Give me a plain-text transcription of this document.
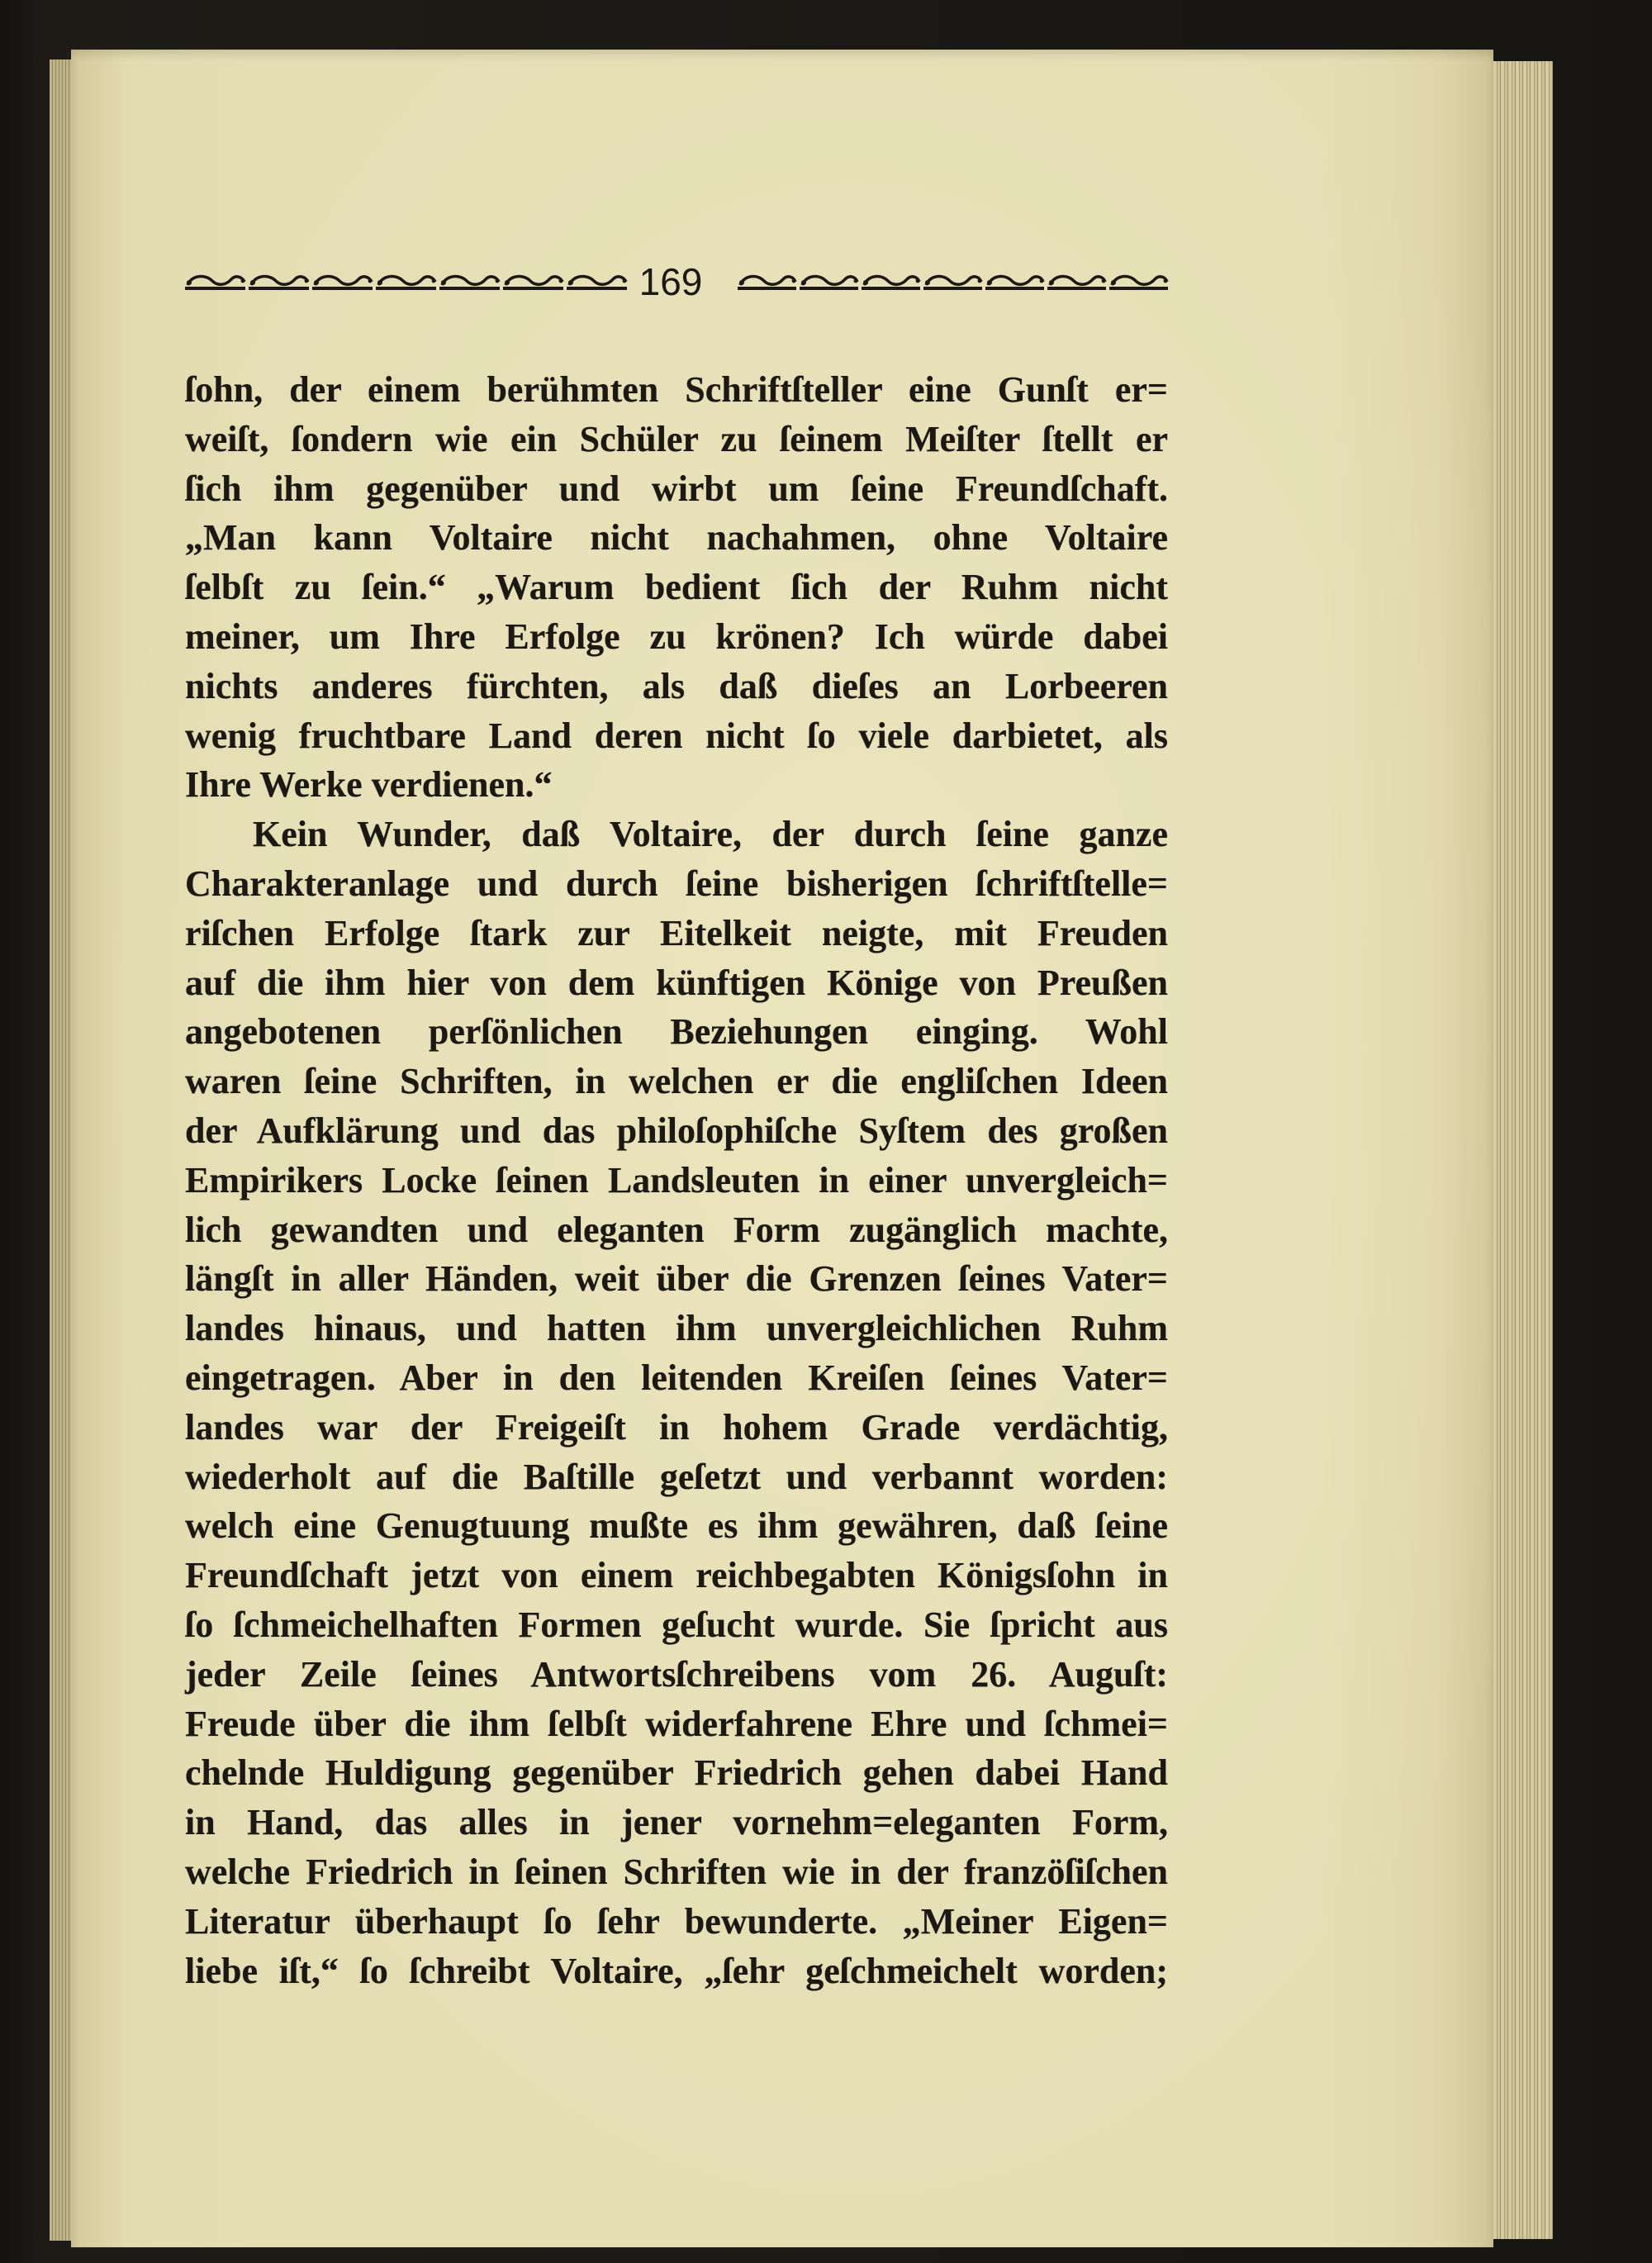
169
ſohn, der einem berühmten Schriftſteller eine Gunſt er=
weiſt, ſondern wie ein Schüler zu ſeinem Meiſter ſtellt er
ſich ihm gegenüber und wirbt um ſeine Freundſchaft.
„Man kann Voltaire nicht nachahmen, ohne Voltaire
ſelbſt zu ſein.“ „Warum bedient ſich der Ruhm nicht
meiner, um Ihre Erfolge zu krönen? Ich würde dabei
nichts anderes fürchten, als daß dieſes an Lorbeeren
wenig fruchtbare Land deren nicht ſo viele darbietet, als
Ihre Werke verdienen.“
Kein Wunder, daß Voltaire, der durch ſeine ganze
Charakteranlage und durch ſeine bisherigen ſchriftſtelle=
riſchen Erfolge ſtark zur Eitelkeit neigte, mit Freuden
auf die ihm hier von dem künftigen Könige von Preußen
angebotenen perſönlichen Beziehungen einging. Wohl
waren ſeine Schriften, in welchen er die engliſchen Ideen
der Aufklärung und das philoſophiſche Syſtem des großen
Empirikers Locke ſeinen Landsleuten in einer unvergleich=
lich gewandten und eleganten Form zugänglich machte,
längſt in aller Händen, weit über die Grenzen ſeines Vater=
landes hinaus, und hatten ihm unvergleichlichen Ruhm
eingetragen. Aber in den leitenden Kreiſen ſeines Vater=
landes war der Freigeiſt in hohem Grade verdächtig,
wiederholt auf die Baſtille geſetzt und verbannt worden:
welch eine Genugtuung mußte es ihm gewähren, daß ſeine
Freundſchaft jetzt von einem reichbegabten Königsſohn in
ſo ſchmeichelhaften Formen geſucht wurde. Sie ſpricht aus
jeder Zeile ſeines Antwortsſchreibens vom 26. Auguſt:
Freude über die ihm ſelbſt widerfahrene Ehre und ſchmei=
chelnde Huldigung gegenüber Friedrich gehen dabei Hand
in Hand, das alles in jener vornehm=eleganten Form,
welche Friedrich in ſeinen Schriften wie in der franzöſiſchen
Literatur überhaupt ſo ſehr bewunderte. „Meiner Eigen=
liebe iſt,“ ſo ſchreibt Voltaire, „ſehr geſchmeichelt worden;
